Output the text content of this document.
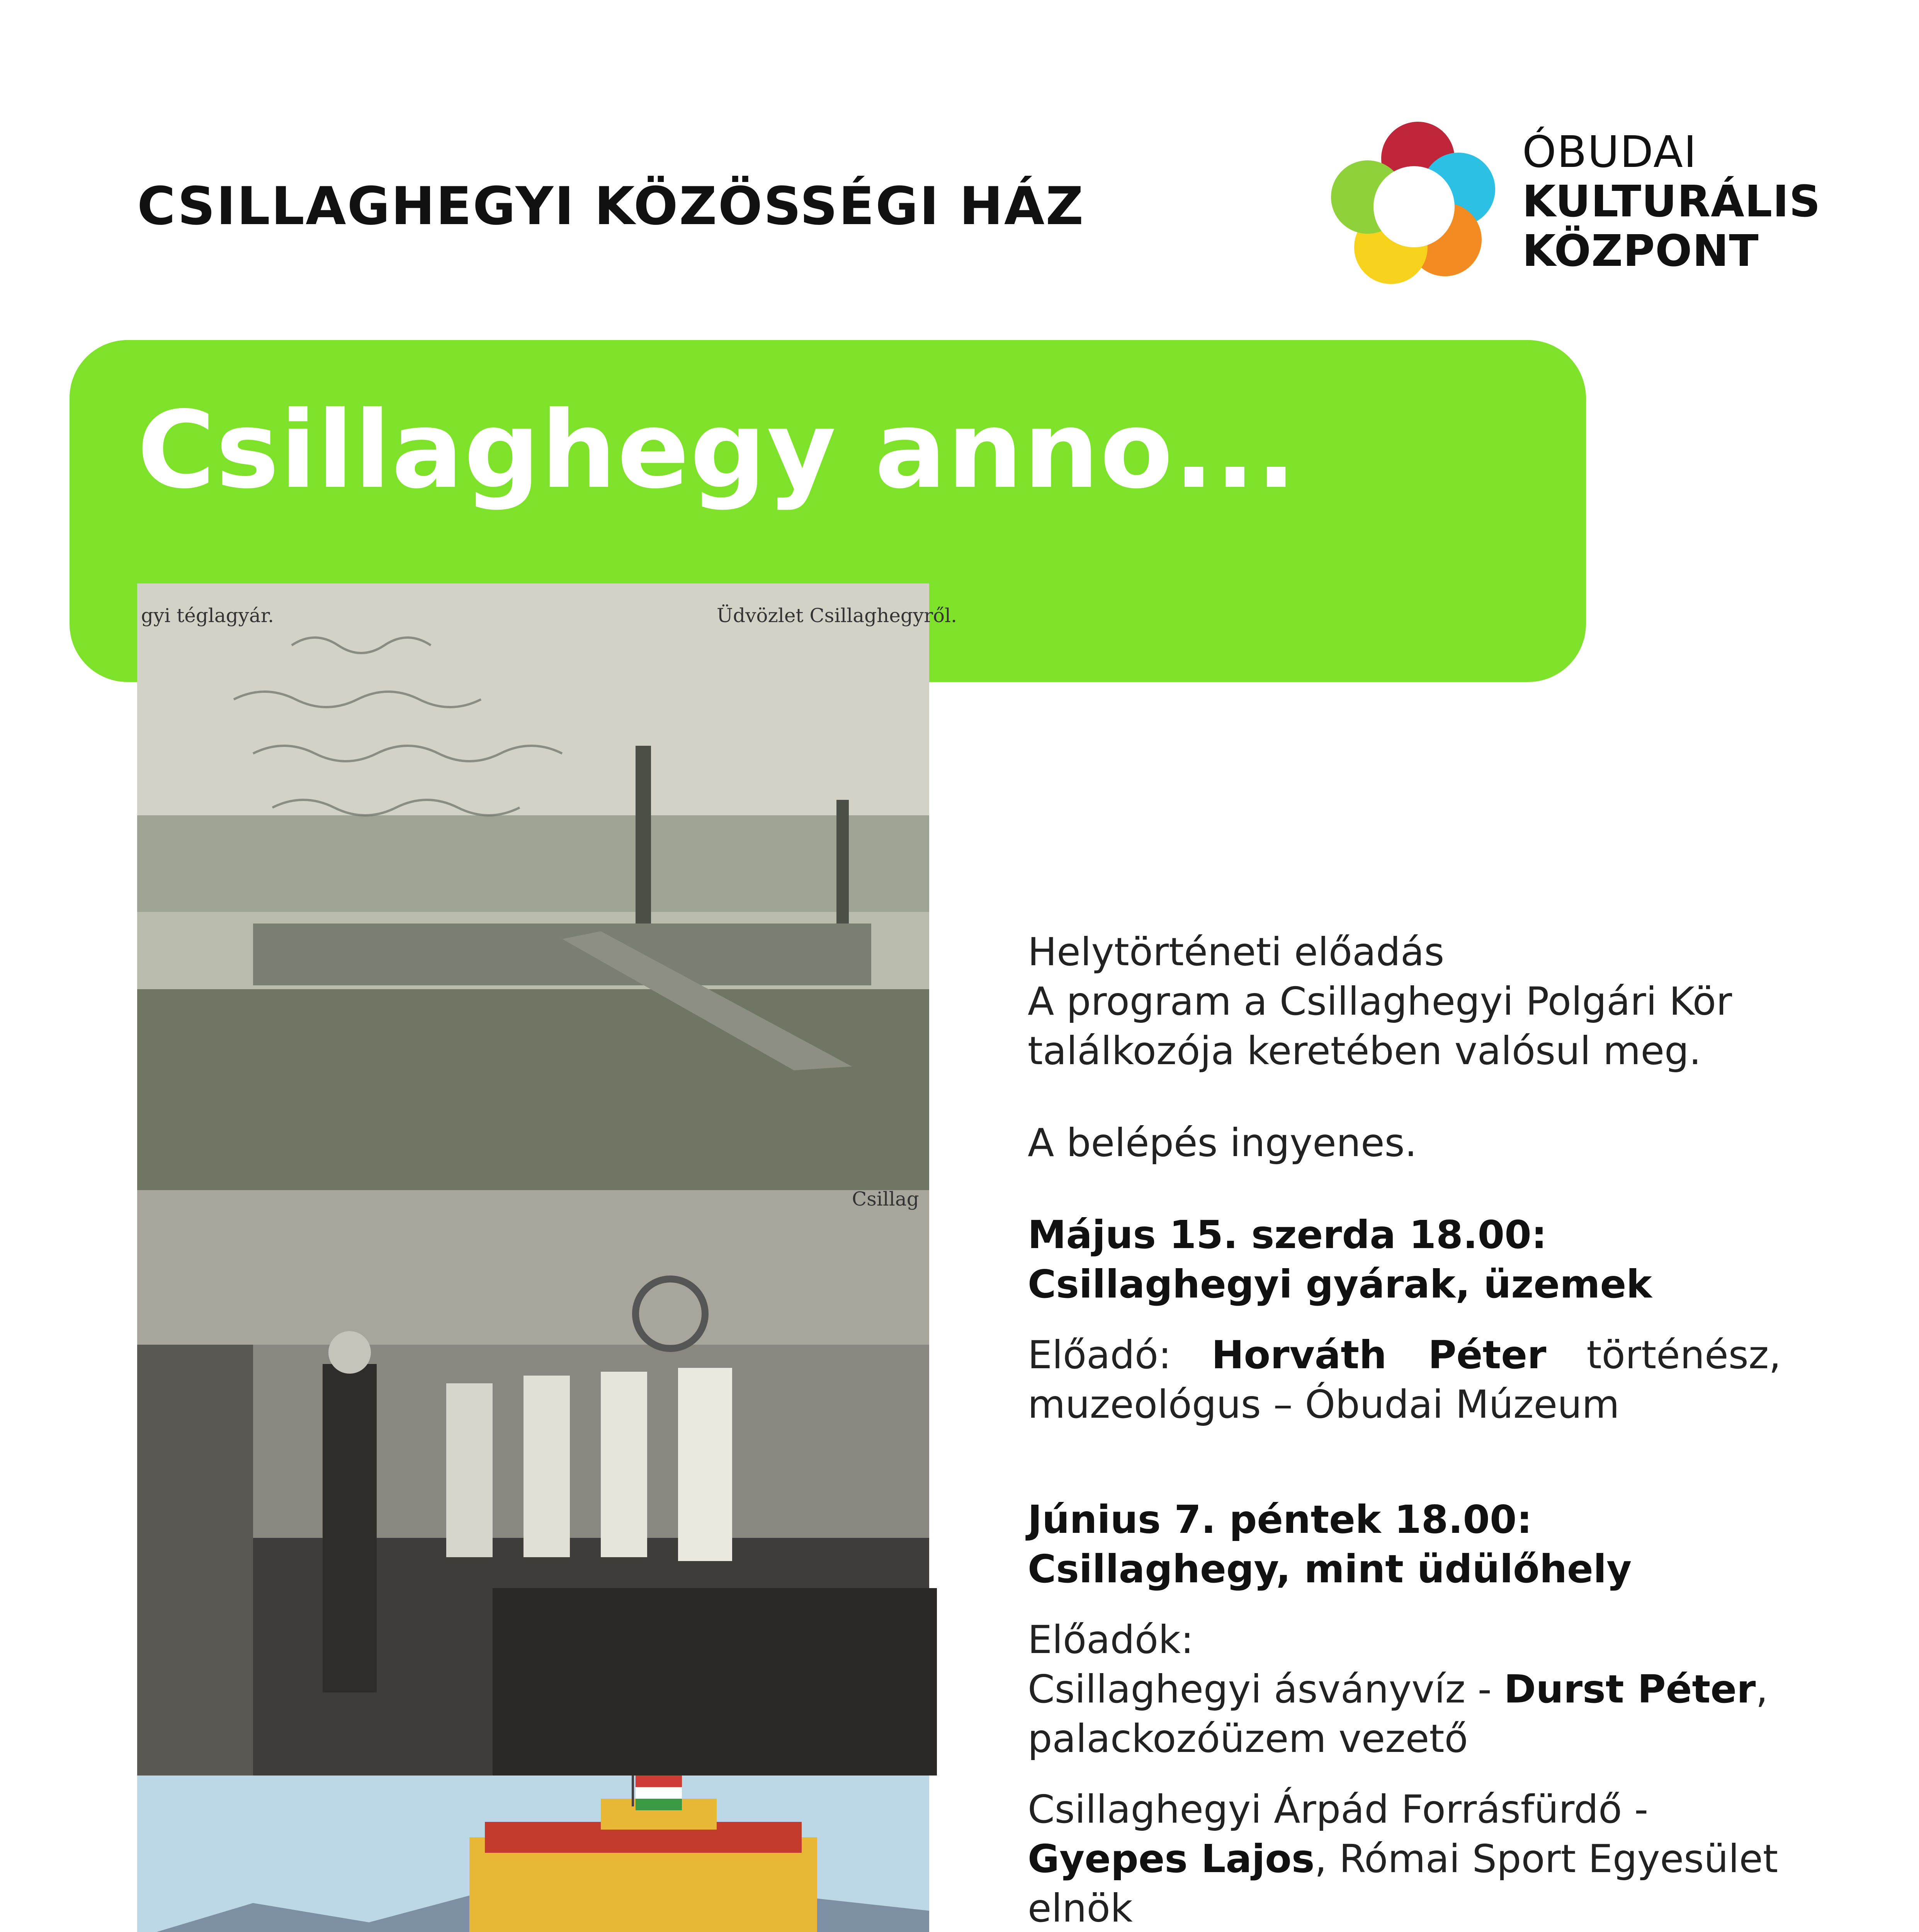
CSILLAGHEGYI KÖZÖSSÉGI HÁZ
ÓBUDAI
KULTURÁLIS
KÖZPONT
Csillaghegy anno...
gyi téglagyár.	Üdvözlet Csillaghegyről.
Csillag

Helytörténeti előadás

A program a Csillaghegyi Polgári Kör találkozója keretében valósul meg.

A belépés ingyenes.

Május 15. szerda 18.00: Csillaghegyi gyárak, üzemek

Előadó: Horváth Péter történész, muzeológus – Óbudai Múzeum

Június 7. péntek 18.00: Csillaghegy, mint üdülőhely

Előadók:

Csillaghegyi ásványvíz - Durst Péter, palackozóüzem vezető

Csillaghegyi Árpád Forrásfürdő - Gyepes Lajos, Római Sport Egyesület elnök
